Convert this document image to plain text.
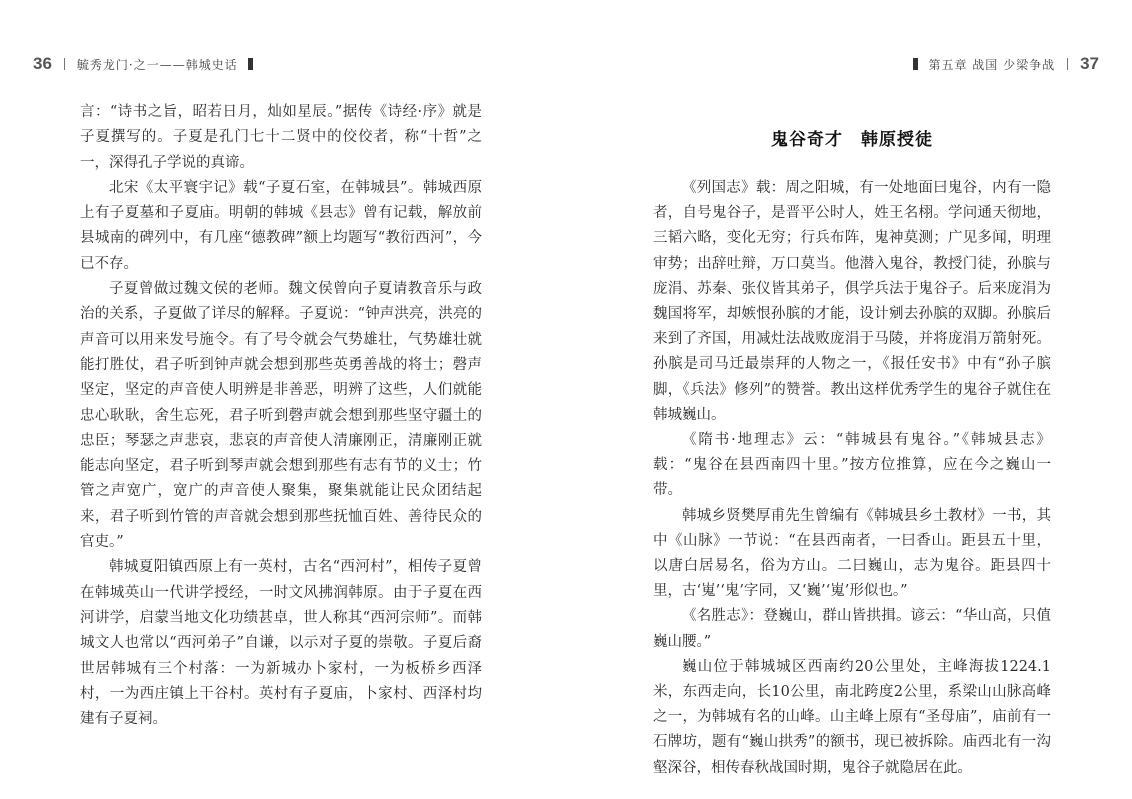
36 毓秀龙门·之一——韩城史话

言：“诗书之旨，昭若日月，灿如星辰。”据传《诗经·序》就是子夏撰写的。子夏是孔门七十二贤中的佼佼者，称“十哲”之一，深得孔子学说的真谛。

北宋《太平寰宇记》载“子夏石室，在韩城县”。韩城西原上有子夏墓和子夏庙。明朝的韩城《县志》曾有记载，解放前县城南的碑列中，有几座“德教碑”额上均题写“教衍西河”，今已不存。

子夏曾做过魏文侯的老师。魏文侯曾向子夏请教音乐与政治的关系，子夏做了详尽的解释。子夏说：“钟声洪亮，洪亮的声音可以用来发号施令。有了号令就会气势雄壮，气势雄壮就能打胜仗，君子听到钟声就会想到那些英勇善战的将士；磬声坚定，坚定的声音使人明辨是非善恶，明辨了这些，人们就能忠心耿耿，舍生忘死，君子听到磬声就会想到那些坚守疆土的忠臣；琴瑟之声悲哀，悲哀的声音使人清廉刚正，清廉刚正就能志向坚定，君子听到琴声就会想到那些有志有节的义士；竹管之声宽广，宽广的声音使人聚集，聚集就能让民众团结起来，君子听到竹管的声音就会想到那些抚恤百姓、善待民众的官吏。”

韩城夏阳镇西原上有一英村，古名“西河村”，相传子夏曾在韩城英山一代讲学授经，一时文风拂润韩原。由于子夏在西河讲学，启蒙当地文化功绩甚卓，世人称其“西河宗师”。而韩城文人也常以“西河弟子”自谦，以示对子夏的崇敬。子夏后裔世居韩城有三个村落：一为新城办卜家村，一为板桥乡西泽村，一为西庄镇上干谷村。英村有子夏庙，卜家村、西泽村均建有子夏祠。

第五章 战国 少梁争战 37
鬼谷奇才 韩原授徒

《列国志》载：周之阳城，有一处地面曰鬼谷，内有一隐者，自号鬼谷子，是晋平公时人，姓王名栩。学问通天彻地，三韬六略，变化无穷；行兵布阵，鬼神莫测；广见多闻，明理审势；出辞吐辩，万口莫当。他潜入鬼谷，教授门徒，孙膑与庞涓、苏秦、张仪皆其弟子，俱学兵法于鬼谷子。后来庞涓为魏国将军，却嫉恨孙膑的才能，设计剜去孙膑的双脚。孙膑后来到了齐国，用减灶法战败庞涓于马陵，并将庞涓万箭射死。孙膑是司马迁最崇拜的人物之一，《报任安书》中有“孙子膑脚，《兵法》修列”的赞誉。教出这样优秀学生的鬼谷子就住在韩城巍山。

《隋书·地理志》云：“韩城县有鬼谷。”《韩城县志》载：“鬼谷在县西南四十里。”按方位推算，应在今之巍山一带。

韩城乡贤樊厚甫先生曾编有《韩城县乡土教材》一书，其中《山脉》一节说：“在县西南者，一曰香山。距县五十里，以唐白居易名，俗为方山。二曰巍山，志为鬼谷。距县四十里，古‘嵬’‘鬼’字同，又‘巍’‘嵬’形似也。”

《名胜志》：登巍山，群山皆拱揖。谚云：“华山高，只值巍山腰。”

巍山位于韩城城区西南约20公里处，主峰海拔1224.1米，东西走向，长10公里，南北跨度2公里，系梁山山脉高峰之一，为韩城有名的山峰。山主峰上原有“圣母庙”，庙前有一石牌坊，题有“巍山拱秀”的额书，现已被拆除。庙西北有一沟壑深谷，相传春秋战国时期，鬼谷子就隐居在此。
